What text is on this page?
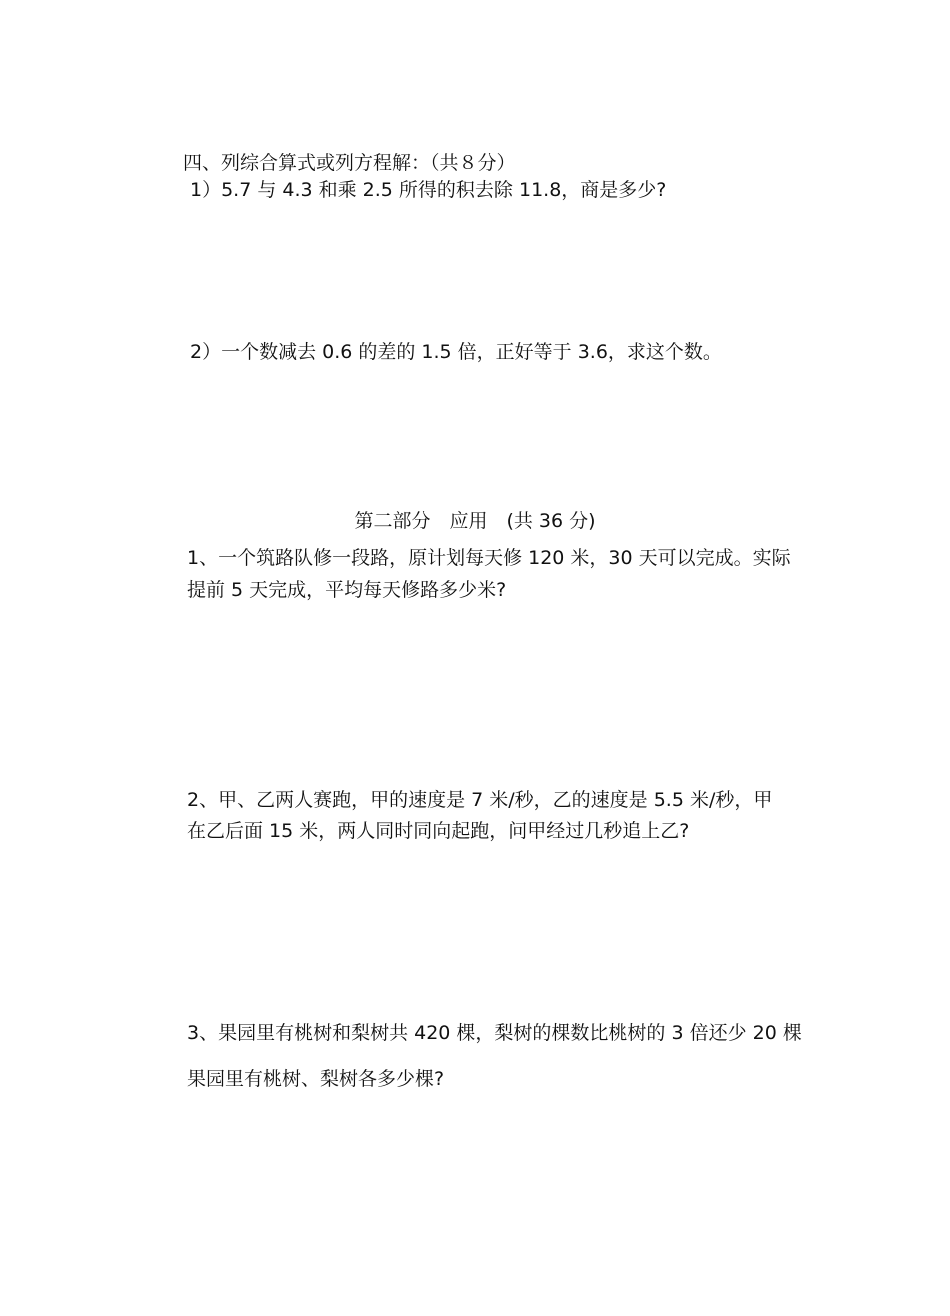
四、列综合算式或列方程解：（共８分）

1）5.7 与 4.3 和乘 2.5 所得的积去除 11.8，商是多少?

2）一个数减去 0.6 的差的 1.5 倍，正好等于 3.6，求这个数。

第二部分　应用　(共 36 分)

1、一个筑路队修一段路，原计划每天修 120 米，30 天可以完成。实际

提前 5 天完成，平均每天修路多少米?

2、甲、乙两人赛跑，甲的速度是 7 米/秒，乙的速度是 5.5 米/秒，甲

在乙后面 15 米，两人同时同向起跑，问甲经过几秒追上乙?

3、果园里有桃树和梨树共 420 棵，梨树的棵数比桃树的 3 倍还少 20 棵

果园里有桃树、梨树各多少棵?
